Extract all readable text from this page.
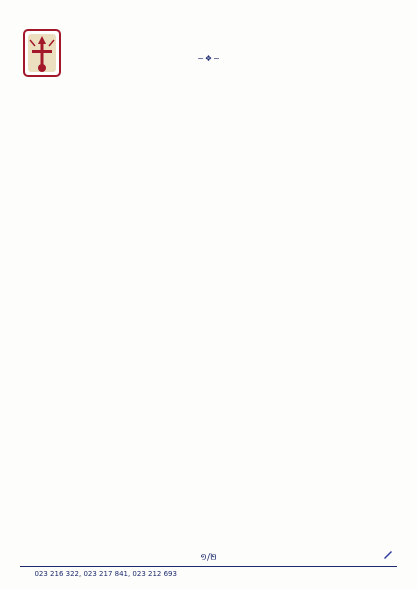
~❖~

១/២
023 216 322, 023 217 841, 023 212 693
